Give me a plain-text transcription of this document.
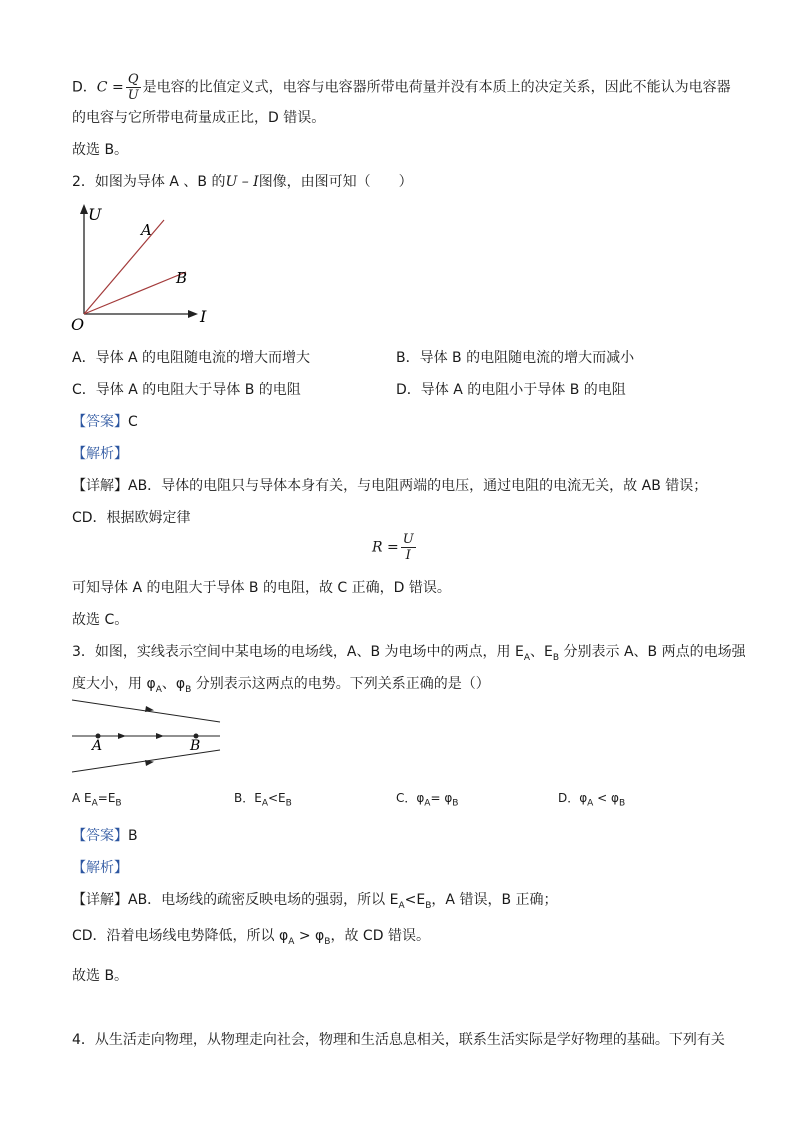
D．$C = \frac{Q}{U}$ 是电容的比值定义式，电容与电容器所带电荷量并没有本质上的决定关系，因此不能认为电容器
的电容与它所带电荷量成正比，D 错误。
故选 B。
2．如图为导体 A 、B 的U – I图像，由图可知（　　）
U
I
O
A
B
A．导体 A 的电阻随电流的增大而增大	B．导体 B 的电阻随电流的增大而减小
C．导体 A 的电阻大于导体 B 的电阻	D．导体 A 的电阻小于导体 B 的电阻
【答案】C
【解析】
【详解】AB．导体的电阻只与导体本身有关，与电阻两端的电压，通过电阻的电流无关，故 AB 错误；
CD．根据欧姆定律
$R = \frac{U}{I}$
可知导体 A 的电阻大于导体 B 的电阻，故 C 正确，D 错误。
故选 C。
3．如图，实线表示空间中某电场的电场线，A、B 为电场中的两点，用 $E_A$、$E_B$ 分别表示 A、B 两点的电场强
度大小，用 $\varphi_A$、$\varphi_B$ 分别表示这两点的电势。下列关系正确的是（）
A	B
A $E_A=E_B$	B．$E_A<E_B$	C．$\varphi_A= \varphi_B$	D．$\varphi_A < \varphi_B$
【答案】B
【解析】
【详解】AB．电场线的疏密反映电场的强弱，所以 $E_A<E_B$，A 错误，B 正确；
CD．沿着电场线电势降低，所以 $\varphi_A > \varphi_B$，故 CD 错误。
故选 B。
4．从生活走向物理，从物理走向社会，物理和生活息息相关，联系生活实际是学好物理的基础。下列有关
